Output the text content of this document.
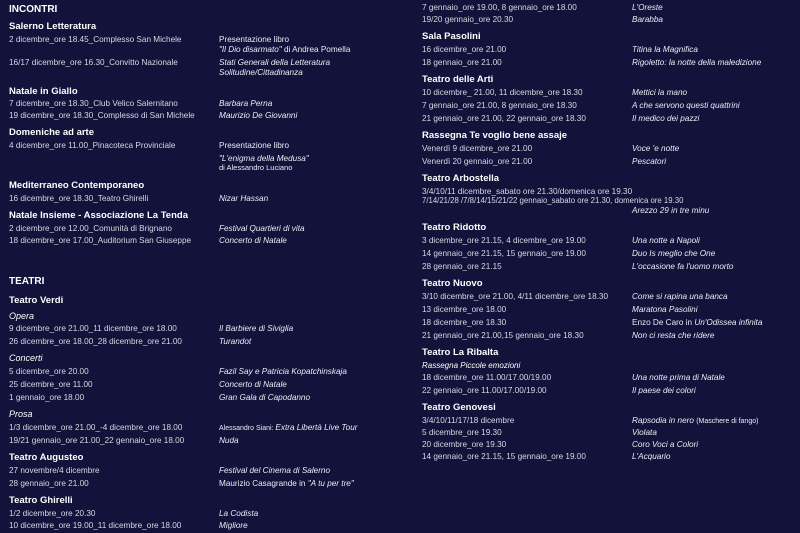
INCONTRI
Salerno Letteratura
2 dicembre_ore 18.45_Complesso San Michele	Presentazione libro
"Il Dio disarmato" di Andrea Pomella
16/17 dicembre_ore 16.30_Convitto Nazionale	Stati Generali della Letteratura
Solitudine/Cittadinanza
Natale in Giallo
7 dicembre_ore 18.30_Club Velico Salernitano	Barbara Perna
19 dicembre_ore 18.30_Complesso di San Michele	Maurizio De Giovanni
Domeniche ad arte
4 dicembre_ore 11.00_Pinacoteca Provinciale	Presentazione libro
"L'enigma della Medusa"
di Alessandro Luciano
Mediterraneo Contemporaneo
16 dicembre_ore 18.30_Teatro Ghirelli	Nizar Hassan
Natale Insieme - Associazione La Tenda
2 dicembre_ore 12.00_Comunità di Brignano	Festival Quartieri di vita
18 dicembre_ore 17.00_Auditorium San Giuseppe	Concerto di Natale
TEATRI
Teatro Verdi
Opera
9 dicembre_ore 21.00_11 dicembre_ore 18.00	Il Barbiere di Siviglia
26 dicembre_ore 18.00_28 dicembre_ore 21.00	Turandot
Concerti
5 dicembre_ore 20.00	Fazil Say e Patricia Kopatchinskaja
25 dicembre_ore 11.00	Concerto di Natale
1 gennaio_ore 18.00	Gran Gala di Capodanno
Prosa
1/3 dicembre_ore 21.00_-4 dicembre_ore 18.00	Alessandro Siani: Extra Libertà Live Tour
19/21 gennaio_ore 21.00_22 gennaio_ore 18.00	Nuda
Teatro Augusteo
27 novembre/4 dicembre	Festival del Cinema di Salerno
28 gennaio_ore 21.00	Maurizio Casagrande in "A tu per tre"
Teatro Ghirelli
1/2 dicembre_ore 20.30	La Codista
10 dicembre_ore 19.00_11 dicembre_ore 18.00	Migliore
7 gennaio_ore 19.00, 8 gennaio_ore 18.00	L'Oreste
19/20 gennaio_ore 20.30	Barabba
Sala Pasolini
16 dicembre_ore 21.00	Titina la Magnifica
18 gennaio_ore 21.00	Rigoletto: la notte della maledizione
Teatro delle Arti
10 dicembre_ 21.00, 11 dicembre_ore 18.30	Mettici la mano
7 gennaio_ore 21.00, 8 gennaio_ore 18.30	A che servono questi quattrini
21 gennaio_ore 21.00, 22 gennaio_ore 18.30	Il medico dei pazzi
Rassegna Te voglio bene assaje
Venerdì 9 dicembre_ore 21.00	Voce 'e notte
Venerdì 20 gennaio_ore 21.00	Pescatori
Teatro Arbostella
3/4/10/11 dicembre_sabato ore 21.30/domenica ore 19.30
7/14/21/28 /7/8/14/15/21/22 gennaio_sabato ore 21.30, domenica ore 19.30
Arezzo 29 in tre minu
Teatro Ridotto
3 dicembre_ore 21.15, 4 dicembre_ore 19.00	Una notte a Napoli
14 gennaio_ore 21.15, 15 gennaio_ore 19.00	Duo Is meglio che One
28 gennaio_ore 21.15	L'occasione fa l'uomo morto
Teatro Nuovo
3/10 dicembre_ore 21.00, 4/11 dicembre_ore 18.30	Come si rapina una banca
13 dicembre_ore 18.00	Maratona Pasolini
18 dicembre_ore 18.30	Enzo De Caro in Un'Odissea infinita
21 gennaio_ore 21.00,15 gennaio_ore 18.30	Non ci resta che ridere
Teatro La Ribalta
Rassegna Piccole emozioni
18 dicembre_ore 11.00/17.00/19.00	Una notte prima di Natale
22 gennaio_ore 11.00/17.00/19.00	Il paese dei colori
Teatro Genovesi
3/4/10/11/17/18 dicembre	Rapsodia in nero (Maschere di fango)
5 dicembre_ore 19.30	Violata
20 dicembre_ore 19.30	Coro Voci a Colori
14 gennaio_ore 21.15, 15 gennaio_ore 19.00	L'Acquario
